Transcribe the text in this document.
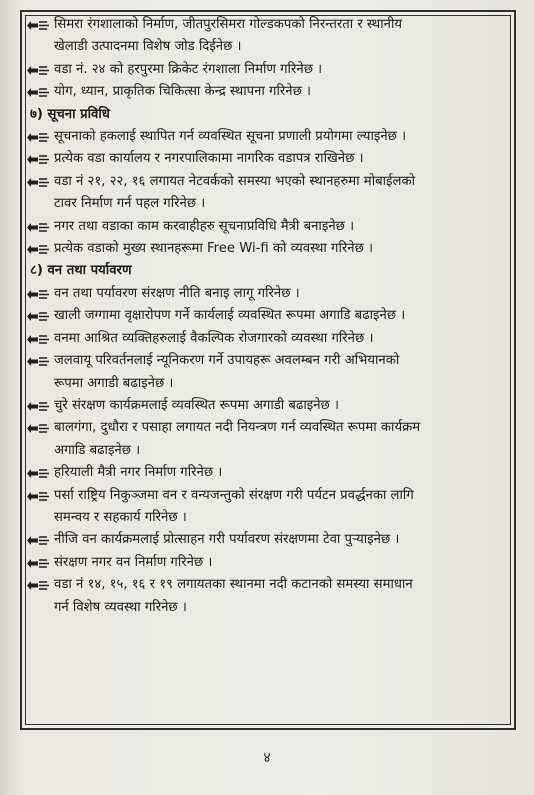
सिमरा रंगशालाको निर्माण, जीतपुरसिमरा गोल्डकपको निरन्तरता र स्थानीय
खेलाडी उत्पादनमा विशेष जोड दिईनेछ ।
वडा नं. २४ को हरपुरमा क्रिकेट रंगशाला निर्माण गरिनेछ ।
योग, ध्यान, प्राकृतिक चिकित्सा केन्द्र स्थापना गरिनेछ ।
७) सूचना प्रविधि
सूचनाको हकलाई स्थापित गर्न व्यवस्थित सूचना प्रणाली प्रयोगमा ल्याइनेछ ।
प्रत्येक वडा कार्यालय र नगरपालिकामा नागरिक वडापत्र राखिनेछ ।
वडा नं २१, २२, १६ लगायत नेटवर्कको समस्या भएको स्थानहरुमा मोबाईलको
टावर निर्माण गर्न पहल गरिनेछ ।
नगर तथा वडाका काम करवाहीहरु सूचनाप्रविधि मैत्री बनाइनेछ ।
प्रत्येक वडाको मुख्य स्थानहरूमा Free Wi-fi को व्यवस्था गरिनेछ ।
८) वन तथा पर्यावरण
वन तथा पर्यावरण संरक्षण नीति बनाइ लागू गरिनेछ ।
खाली जग्गामा वृक्षारोपण गर्ने कार्यलाई व्यवस्थित रूपमा अगाडि बढाइनेछ ।
वनमा आश्रित व्यक्तिहरुलाई वैकल्पिक रोजगारको व्यवस्था गरिनेछ ।
जलवायू परिवर्तनलाई न्यूनिकरण गर्ने उपायहरू अवलम्बन गरी अभियानको
रूपमा अगाडी बढाइनेछ ।
चुरे संरक्षण कार्यक्रमलाई व्यवस्थित रूपमा अगाडी बढाइनेछ ।
बालगंगा, दुधौरा र पसाहा लगायत नदी नियन्त्रण गर्न व्यवस्थित रूपमा कार्यक्रम
अगाडि बढाइनेछ ।
हरियाली मैत्री नगर निर्माण गरिनेछ ।
पर्सा राष्ट्रिय निकुञ्जमा वन र वन्यजन्तुको संरक्षण गरी पर्यटन प्रवर्द्धनका लागि
समन्वय र सहकार्य गरिनेछ ।
नीजि वन कार्यक्रमलाई प्रोत्साहन गरी पर्यावरण संरक्षणमा टेवा पुर्‍याइनेछ ।
संरक्षण नगर वन निर्माण गरिनेछ ।
वडा नं १४, १५, १६ र १९ लगायतका स्थानमा नदी कटानको समस्या समाधान
गर्न विशेष व्यवस्था गरिनेछ ।
४
